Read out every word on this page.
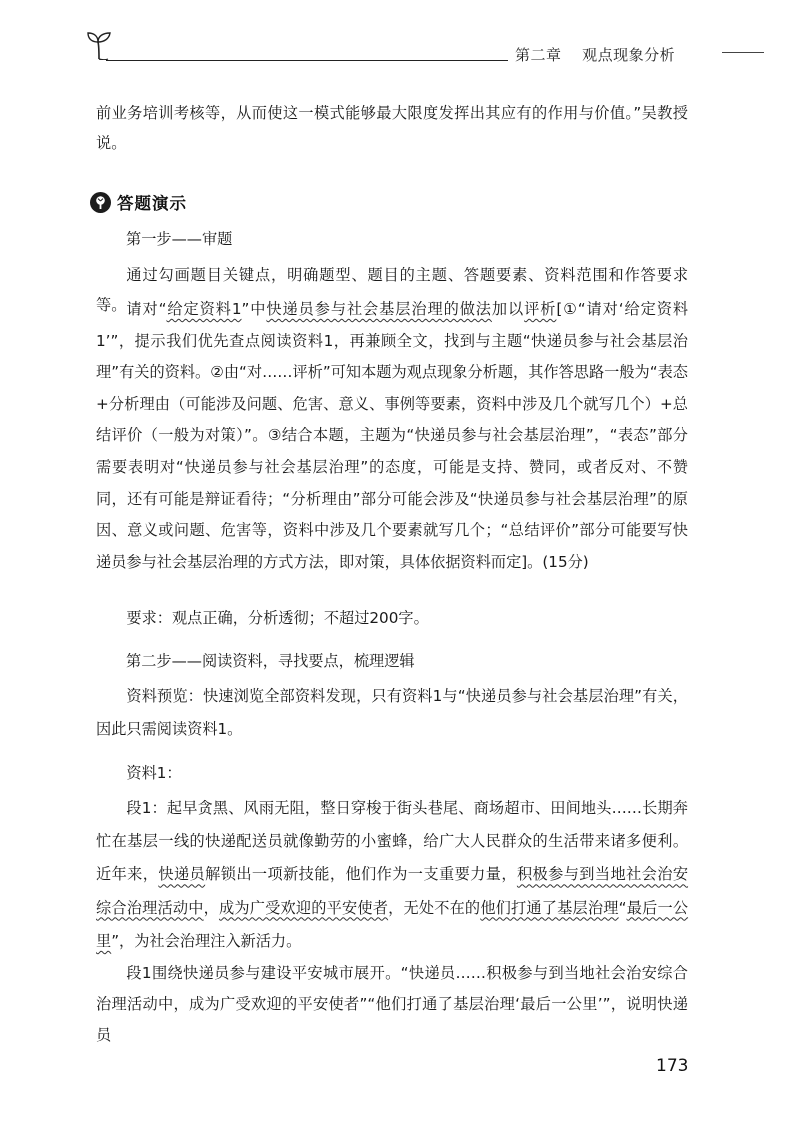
第二章 观点现象分析
前业务培训考核等，从而使这一模式能够最大限度发挥出其应有的作用与价值。”吴教授说。
答题演示
第一步——审题
通过勾画题目关键点，明确题型、题目的主题、答题要素、资料范围和作答要求等。 请对“给定资料1”中快递员参与社会基层治理的做法加以评析[①“请对‘给定资料1’”，提示我们优先查点阅读资料1，再兼顾全文，找到与主题“快递员参与社会基层治理”有关的资料。②由“对……评析”可知本题为观点现象分析题，其作答思路一般为“表态+分析理由（可能涉及问题、危害、意义、事例等要素，资料中涉及几个就写几个）+总结评价（一般为对策）”。③结合本题，主题为“快递员参与社会基层治理”，“表态”部分需要表明对“快递员参与社会基层治理”的态度，可能是支持、赞同，或者反对、不赞同，还有可能是辩证看待；“分析理由”部分可能会涉及“快递员参与社会基层治理”的原因、意义或问题、危害等，资料中涉及几个要素就写几个；“总结评价”部分可能要写快递员参与社会基层治理的方式方法，即对策，具体依据资料而定]。(15分)
要求：观点正确，分析透彻；不超过200字。
第二步——阅读资料，寻找要点，梳理逻辑
资料预览：快速浏览全部资料发现，只有资料1与“快递员参与社会基层治理”有关，因此只需阅读资料1。
资料1：
段1：起早贪黑、风雨无阻，整日穿梭于街头巷尾、商场超市、田间地头……长期奔忙在基层一线的快递配送员就像勤劳的小蜜蜂，给广大人民群众的生活带来诸多便利。近年来，快递员解锁出一项新技能，他们作为一支重要力量，积极参与到当地社会治安综合治理活动中，成为广受欢迎的平安使者，无处不在的他们打通了基层治理“最后一公里”，为社会治理注入新活力。
段1围绕快递员参与建设平安城市展开。“快递员……积极参与到当地社会治安综合治理活动中，成为广受欢迎的平安使者”“他们打通了基层治理‘最后一公里’”，说明快递员
173
